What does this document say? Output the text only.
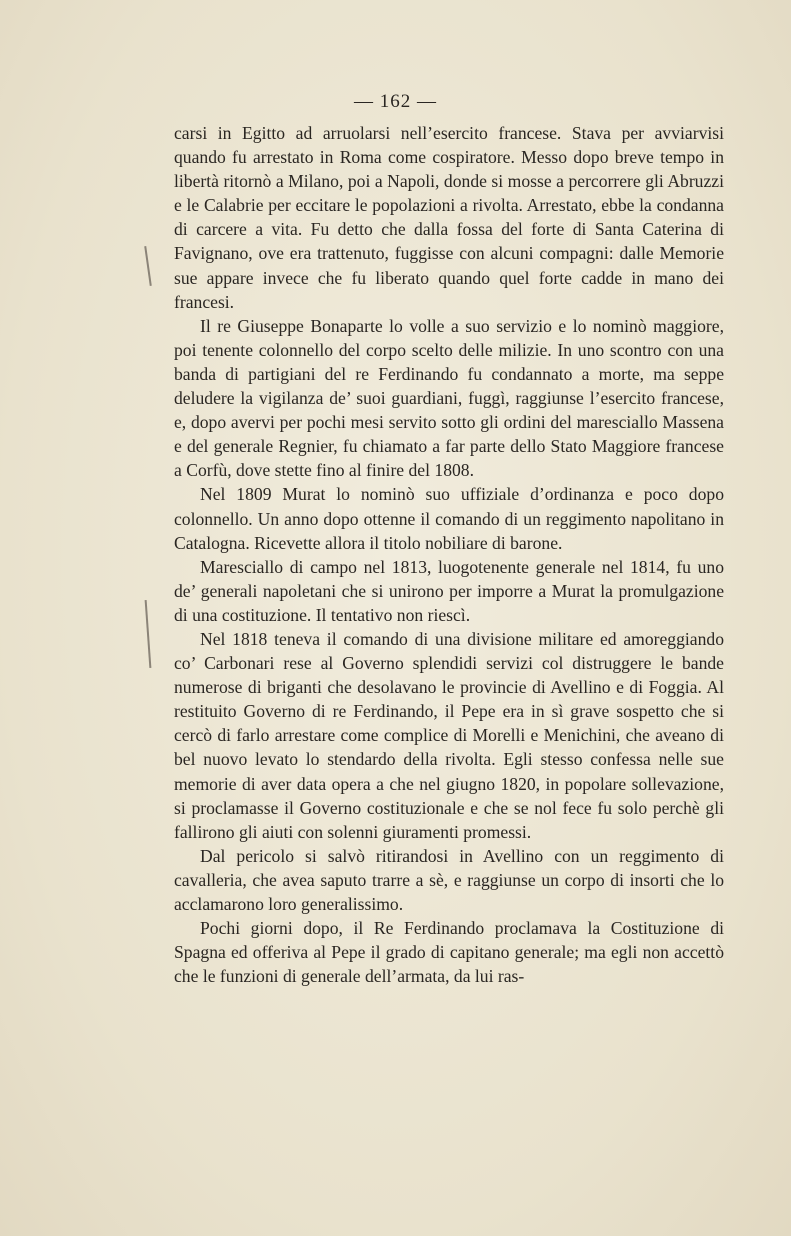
— 162 —

carsi in Egitto ad arruolarsi nell’esercito francese. Stava per avviarvisi quando fu arrestato in Roma come cospiratore. Messo dopo breve tempo in libertà ritornò a Milano, poi a Napoli, donde si mosse a percorrere gli Abruzzi e le Calabrie per eccitare le popolazioni a rivolta. Arrestato, ebbe la condanna di carcere a vita. Fu detto che dalla fossa del forte di Santa Caterina di Favignano, ove era trattenuto, fuggisse con alcuni compagni: dalle Memorie sue appare invece che fu liberato quando quel forte cadde in mano dei francesi.

Il re Giuseppe Bonaparte lo volle a suo servizio e lo nominò maggiore, poi tenente colonnello del corpo scelto delle milizie. In uno scontro con una banda di partigiani del re Ferdinando fu condannato a morte, ma seppe deludere la vigilanza de’ suoi guardiani, fuggì, raggiunse l’esercito francese, e, dopo avervi per pochi mesi servito sotto gli ordini del maresciallo Massena e del generale Regnier, fu chiamato a far parte dello Stato Maggiore francese a Corfù, dove stette fino al finire del 1808.

Nel 1809 Murat lo nominò suo uffiziale d’ordinanza e poco dopo colonnello. Un anno dopo ottenne il comando di un reggimento napolitano in Catalogna. Ricevette allora il titolo nobiliare di barone.

Maresciallo di campo nel 1813, luogotenente generale nel 1814, fu uno de’ generali napoletani che si unirono per imporre a Murat la promulgazione di una costituzione. Il tentativo non riescì.

Nel 1818 teneva il comando di una divisione militare ed amoreggiando co’ Carbonari rese al Governo splendidi servizi col distruggere le bande numerose di briganti che desolavano le provincie di Avellino e di Foggia. Al restituito Governo di re Ferdinando, il Pepe era in sì grave sospetto che si cercò di farlo arrestare come complice di Morelli e Menichini, che aveano di bel nuovo levato lo stendardo della rivolta. Egli stesso confessa nelle sue memorie di aver data opera a che nel giugno 1820, in popolare sollevazione, si proclamasse il Governo costituzionale e che se nol fece fu solo perchè gli fallirono gli aiuti con solenni giuramenti promessi.

Dal pericolo si salvò ritirandosi in Avellino con un reggimento di cavalleria, che avea saputo trarre a sè, e raggiunse un corpo di insorti che lo acclamarono loro generalissimo.

Pochi giorni dopo, il Re Ferdinando proclamava la Costituzione di Spagna ed offeriva al Pepe il grado di capitano generale; ma egli non accettò che le funzioni di generale dell’armata, da lui ras-
